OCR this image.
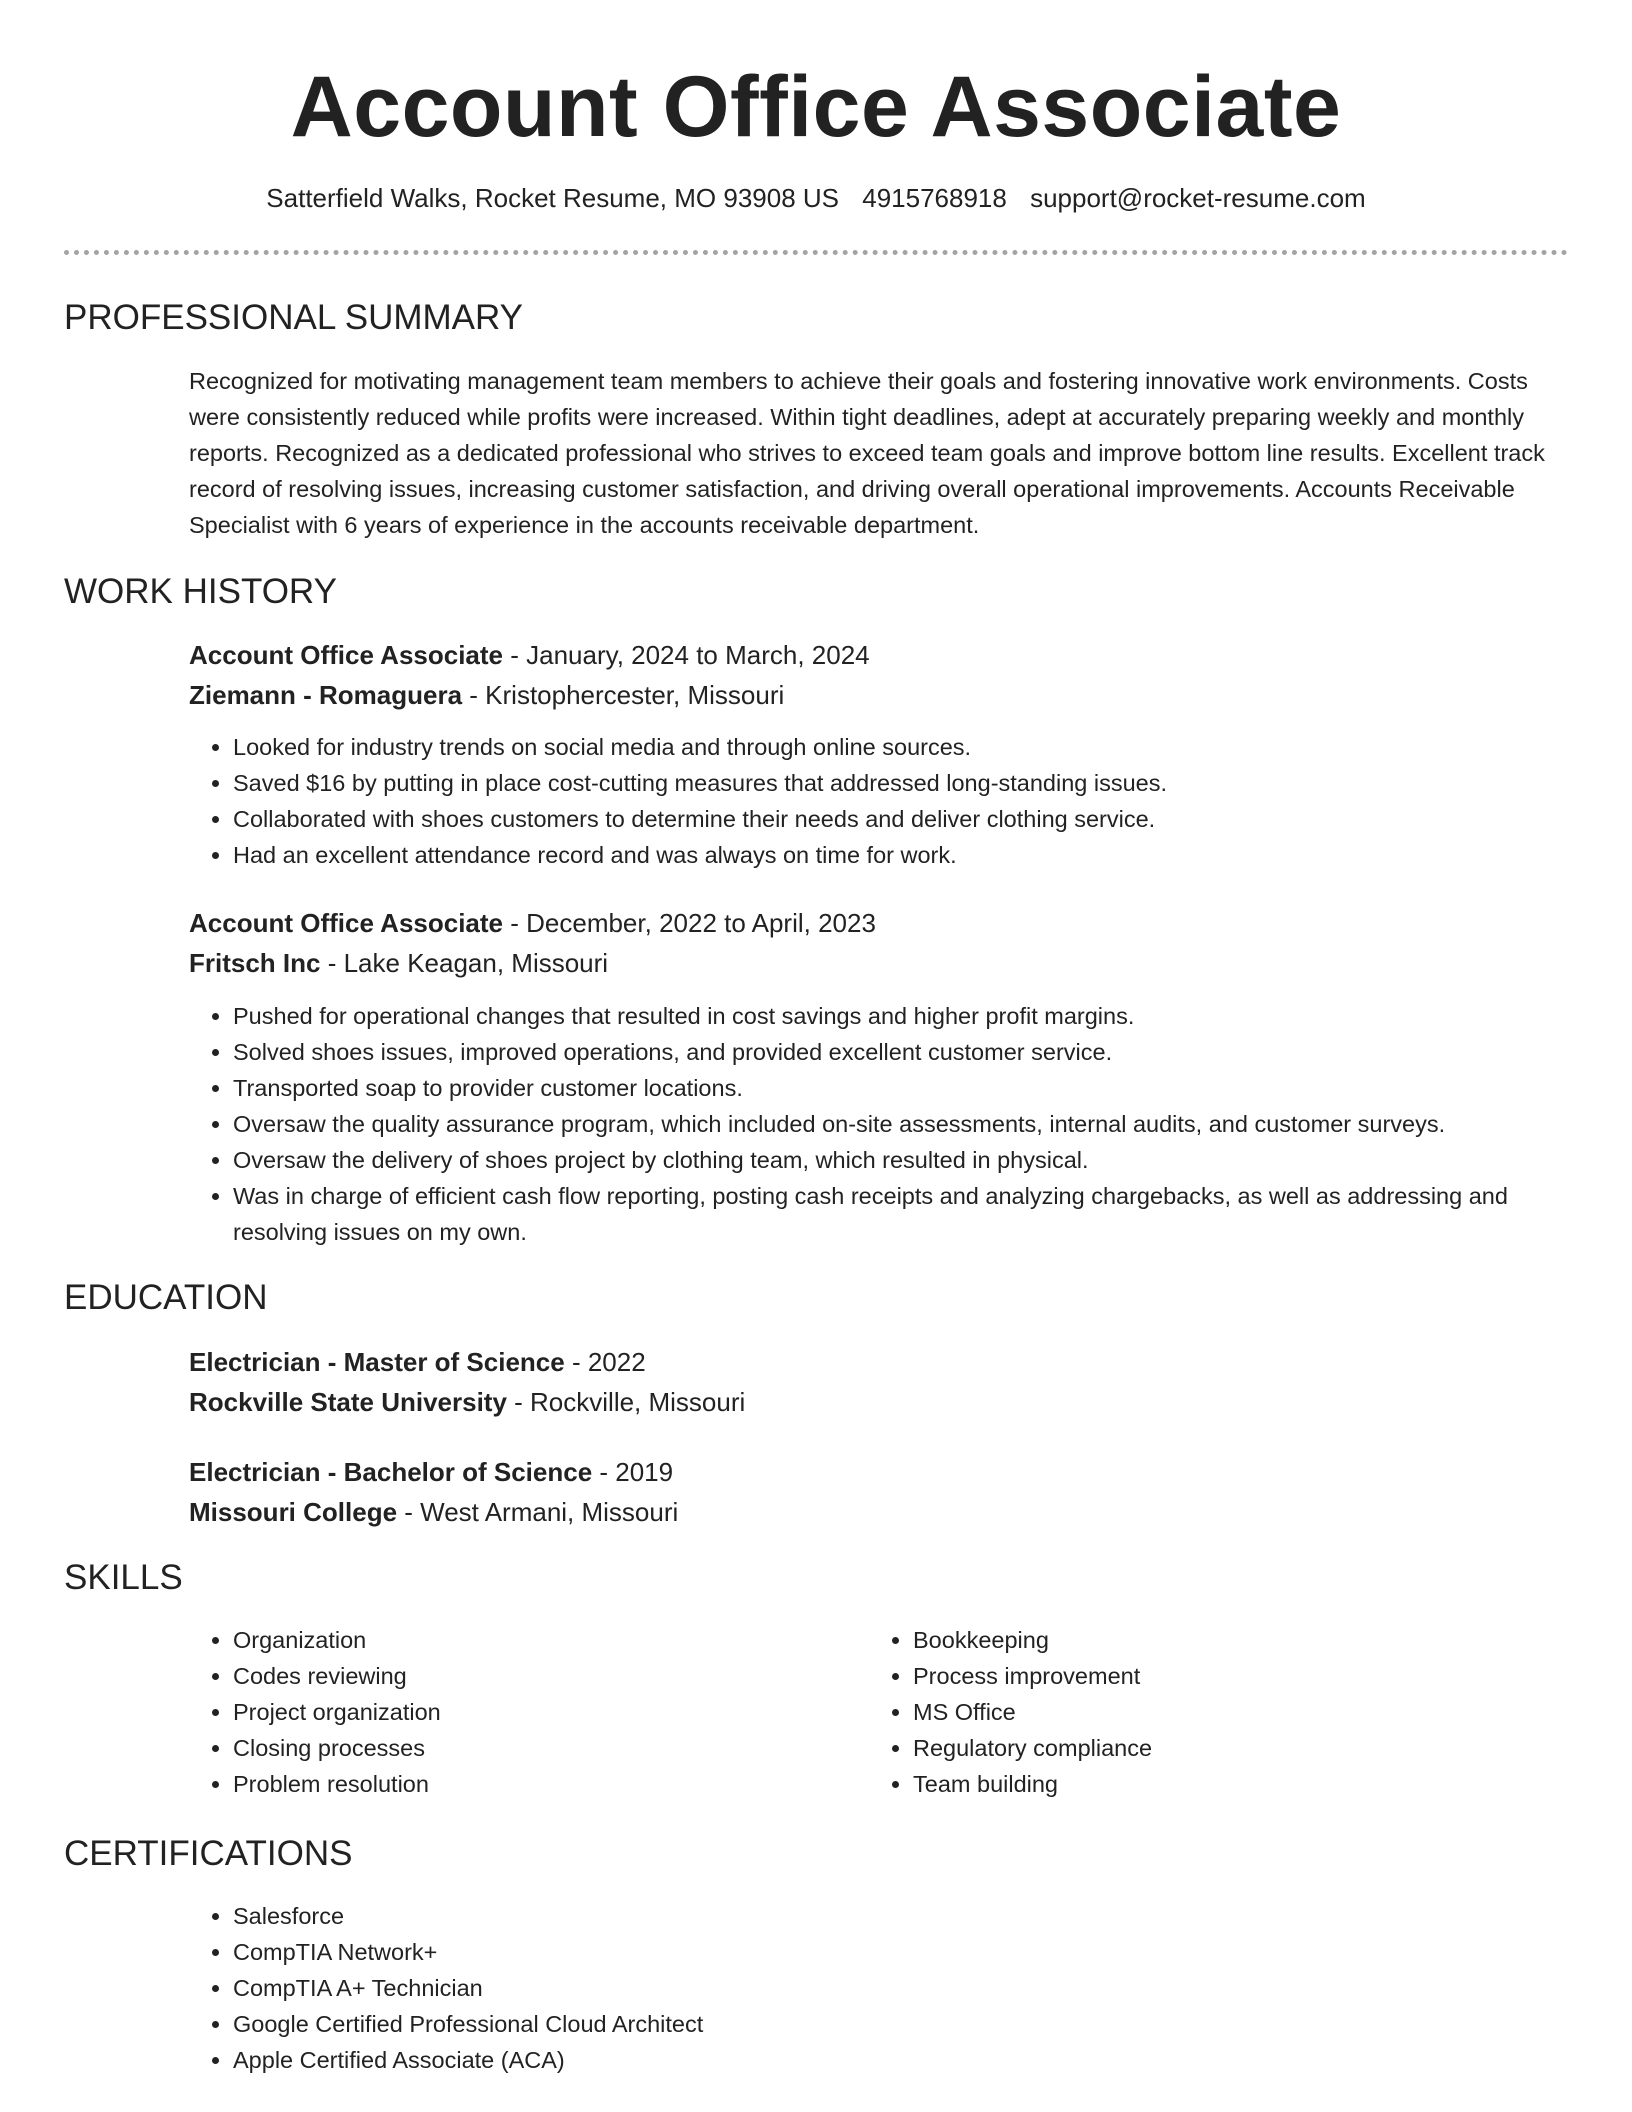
Account Office Associate
Satterfield Walks, Rocket Resume, MO 93908 US 4915768918 support@rocket-resume.com
PROFESSIONAL SUMMARY

Recognized for motivating management team members to achieve their goals and fostering innovative work environments. Costs were consistently reduced while profits were increased. Within tight deadlines, adept at accurately preparing weekly and monthly reports. Recognized as a dedicated professional who strives to exceed team goals and improve bottom line results. Excellent track record of resolving issues, increasing customer satisfaction, and driving overall operational improvements. Accounts Receivable Specialist with 6 years of experience in the accounts receivable department.

WORK HISTORY

Account Office Associate - January, 2024 to March, 2024

Ziemann - Romaguera - Kristophercester, Missouri

• Looked for industry trends on social media and through online sources.
• Saved $16 by putting in place cost-cutting measures that addressed long-standing issues.
• Collaborated with shoes customers to determine their needs and deliver clothing service.
• Had an excellent attendance record and was always on time for work.

Account Office Associate - December, 2022 to April, 2023

Fritsch Inc - Lake Keagan, Missouri

• Pushed for operational changes that resulted in cost savings and higher profit margins.
• Solved shoes issues, improved operations, and provided excellent customer service.
• Transported soap to provider customer locations.
• Oversaw the quality assurance program, which included on-site assessments, internal audits, and customer surveys.
• Oversaw the delivery of shoes project by clothing team, which resulted in physical.
• Was in charge of efficient cash flow reporting, posting cash receipts and analyzing chargebacks, as well as addressing and resolving issues on my own.
EDUCATION

Electrician - Master of Science - 2022

Rockville State University - Rockville, Missouri

Electrician - Bachelor of Science - 2019

Missouri College - West Armani, Missouri

SKILLS
• Organization
• Codes reviewing
• Project organization
• Closing processes
• Problem resolution
• Bookkeeping
• Process improvement
• MS Office
• Regulatory compliance
• Team building
CERTIFICATIONS
• Salesforce
• CompTIA Network+
• CompTIA A+ Technician
• Google Certified Professional Cloud Architect
• Apple Certified Associate (ACA)
